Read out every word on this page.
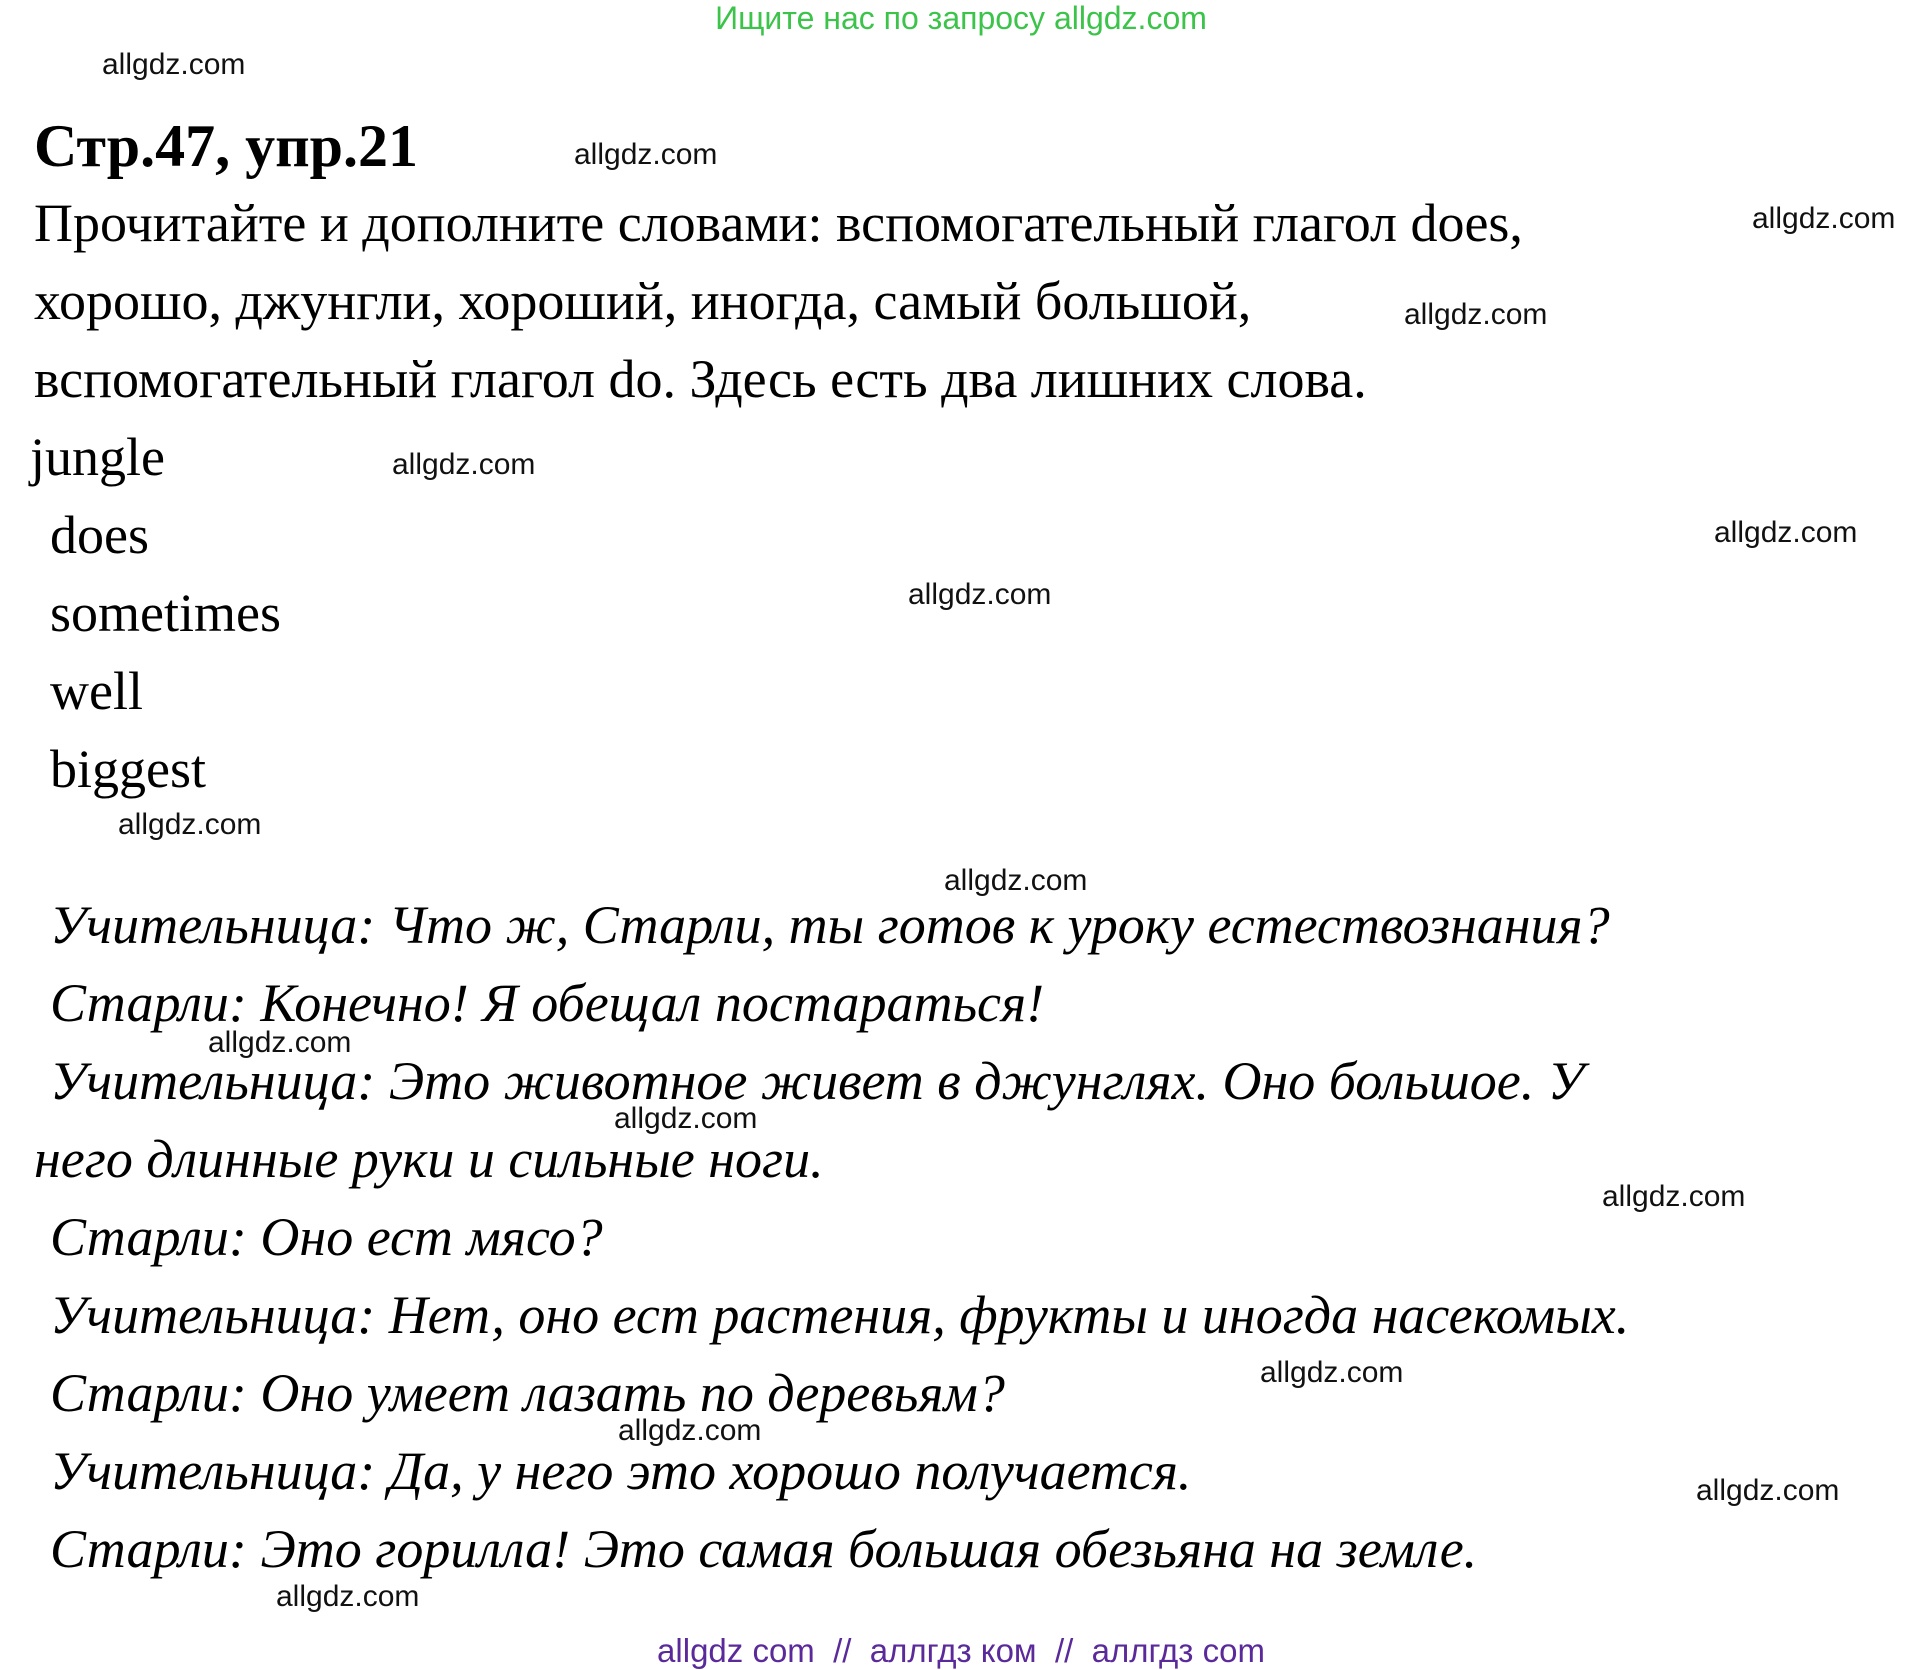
Ищите нас по запросу allgdz.com
Стр.47, упр.21
Прочитайте и дополните словами: вспомогательный глагол does,
хорошо, джунгли, хороший, иногда, самый большой,
вспомогательный глагол do. Здесь есть два лишних слова.
jungle
does
sometimes
well
biggest
Учительница: Что ж, Старли, ты готов к уроку естествознания?
Старли: Конечно! Я обещал постараться!
Учительница: Это животное живет в джунглях. Оно большое. У
него длинные руки и сильные ноги.
Старли: Оно ест мясо?
Учительница: Нет, оно ест растения, фрукты и иногда насекомых.
Старли: Оно умеет лазать по деревьям?
Учительница: Да, у него это хорошо получается.
Старли: Это горилла! Это самая большая обезьяна на земле.
allgdz.com
allgdz.com
allgdz.com
allgdz.com
allgdz.com
allgdz.com
allgdz.com
allgdz.com
allgdz.com
allgdz.com
allgdz.com
allgdz.com
allgdz.com
allgdz.com
allgdz.com
allgdz.com
allgdz com  //  аллгдз ком  //  аллгдз com
